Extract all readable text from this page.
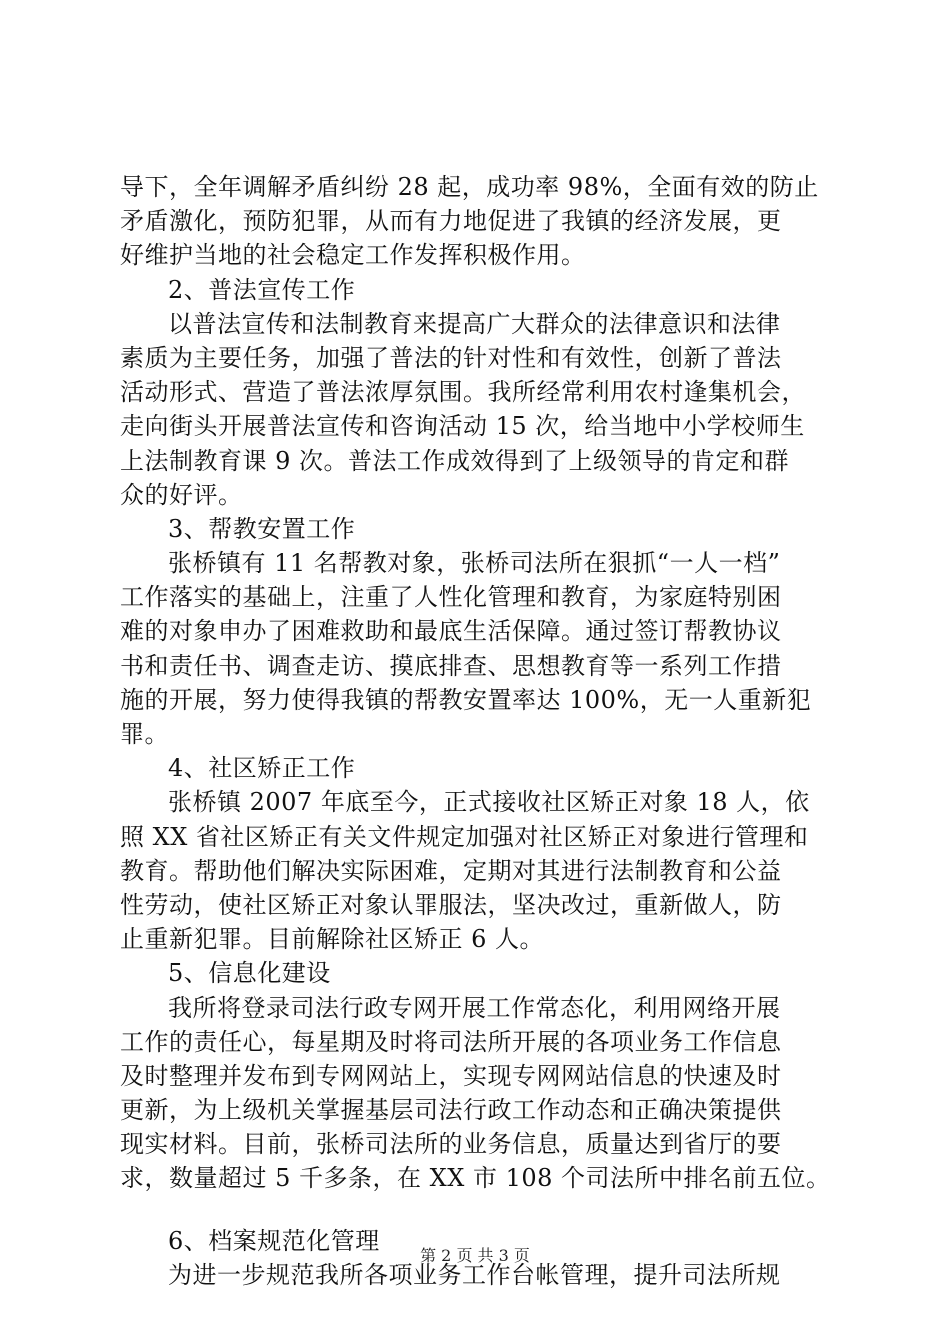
导下，全年调解矛盾纠纷 28 起，成功率 98%，全面有效的防止
矛盾激化，预防犯罪，从而有力地促进了我镇的经济发展，更
好维护当地的社会稳定工作发挥积极作用。
2、普法宣传工作
以普法宣传和法制教育来提高广大群众的法律意识和法律
素质为主要任务，加强了普法的针对性和有效性，创新了普法
活动形式、营造了普法浓厚氛围。我所经常利用农村逢集机会，
走向街头开展普法宣传和咨询活动 15 次，给当地中小学校师生
上法制教育课 9 次。普法工作成效得到了上级领导的肯定和群
众的好评。
3、帮教安置工作
张桥镇有 11 名帮教对象，张桥司法所在狠抓“一人一档”
工作落实的基础上，注重了人性化管理和教育，为家庭特别困
难的对象申办了困难救助和最底生活保障。通过签订帮教协议
书和责任书、调查走访、摸底排查、思想教育等一系列工作措
施的开展，努力使得我镇的帮教安置率达 100%，无一人重新犯
罪。
4、社区矫正工作
张桥镇 2007 年底至今，正式接收社区矫正对象 18 人，依
照 XX 省社区矫正有关文件规定加强对社区矫正对象进行管理和
教育。帮助他们解决实际困难，定期对其进行法制教育和公益
性劳动，使社区矫正对象认罪服法，坚决改过，重新做人，防
止重新犯罪。目前解除社区矫正 6 人。
5、信息化建设
我所将登录司法行政专网开展工作常态化，利用网络开展
工作的责任心，每星期及时将司法所开展的各项业务工作信息
及时整理并发布到专网网站上，实现专网网站信息的快速及时
更新，为上级机关掌握基层司法行政工作动态和正确决策提供
现实材料。目前，张桥司法所的业务信息，质量达到省厅的要
求，数量超过 5 千多条，在 XX 市 108 个司法所中排名前五位。
6、档案规范化管理
为进一步规范我所各项业务工作台帐管理，提升司法所规
第 2 页 共 3 页
